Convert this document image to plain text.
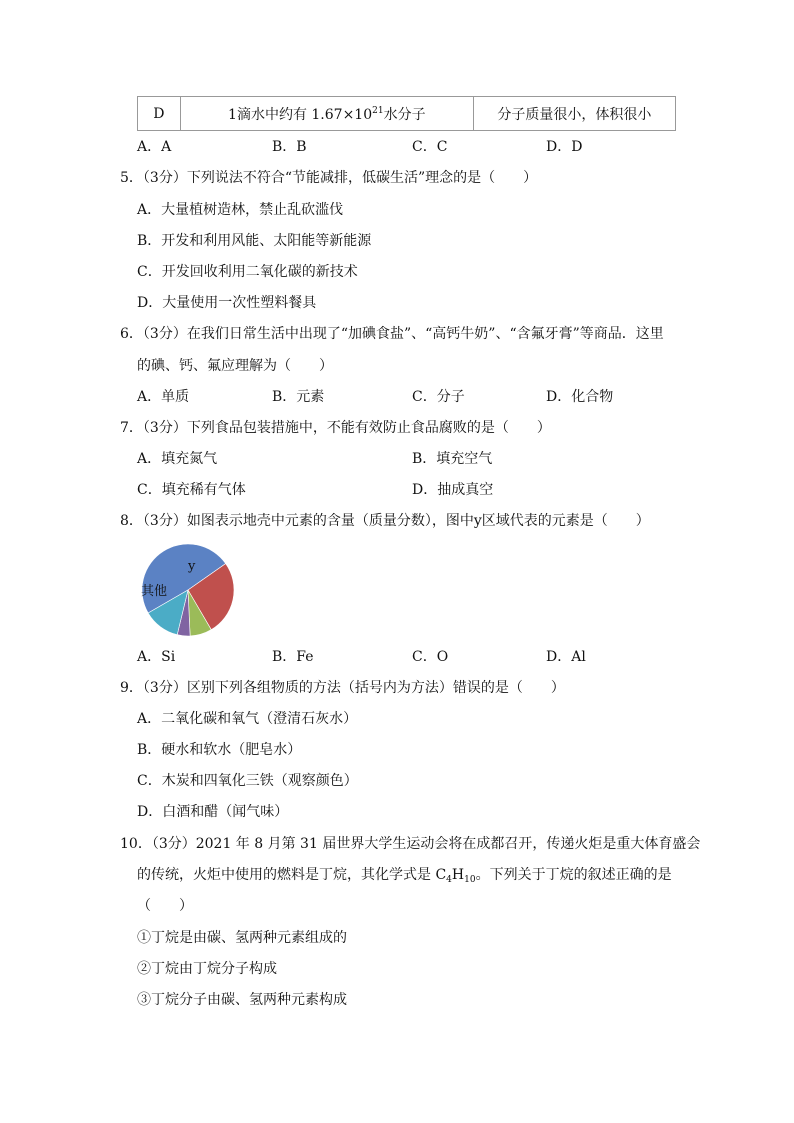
D	1滴水中约有 $1.67\times 10^{21}$水分子	分子质量很小，体积很小
A．A	B．B	C．C	D．D
5．（3分）下列说法不符合“节能减排，低碳生活”理念的是（　　）
A．大量植树造林，禁止乱砍滥伐
B．开发和利用风能、太阳能等新能源
C．开发回收利用二氧化碳的新技术
D．大量使用一次性塑料餐具
6．（3分）在我们日常生活中出现了“加碘食盐”、“高钙牛奶”、“含氟牙膏”等商品．这里
的碘、钙、氟应理解为（　　）
A．单质	B．元素	C．分子	D．化合物
7．（3分）下列食品包装措施中，不能有效防止食品腐败的是（　　）
A．填充氮气	B．填充空气
C．填充稀有气体	D．抽成真空
8．（3分）如图表示地壳中元素的含量（质量分数），图中y区域代表的元素是（　　）
y
其他
A．Si	B．Fe	C．O	D．Al
9．（3分）区别下列各组物质的方法（括号内为方法）错误的是（　　）
A．二氧化碳和氧气（澄清石灰水）
B．硬水和软水（肥皂水）
C．木炭和四氧化三铁（观察颜色）
D．白酒和醋（闻气味）
10．（3分）2021 年 8 月第 31 届世界大学生运动会将在成都召开，传递火炬是重大体育盛会
的传统，火炬中使用的燃料是丁烷，其化学式是 $C_4H_{10}$。下列关于丁烷的叙述正确的是
（　　）
①丁烷是由碳、氢两种元素组成的
②丁烷由丁烷分子构成
③丁烷分子由碳、氢两种元素构成
